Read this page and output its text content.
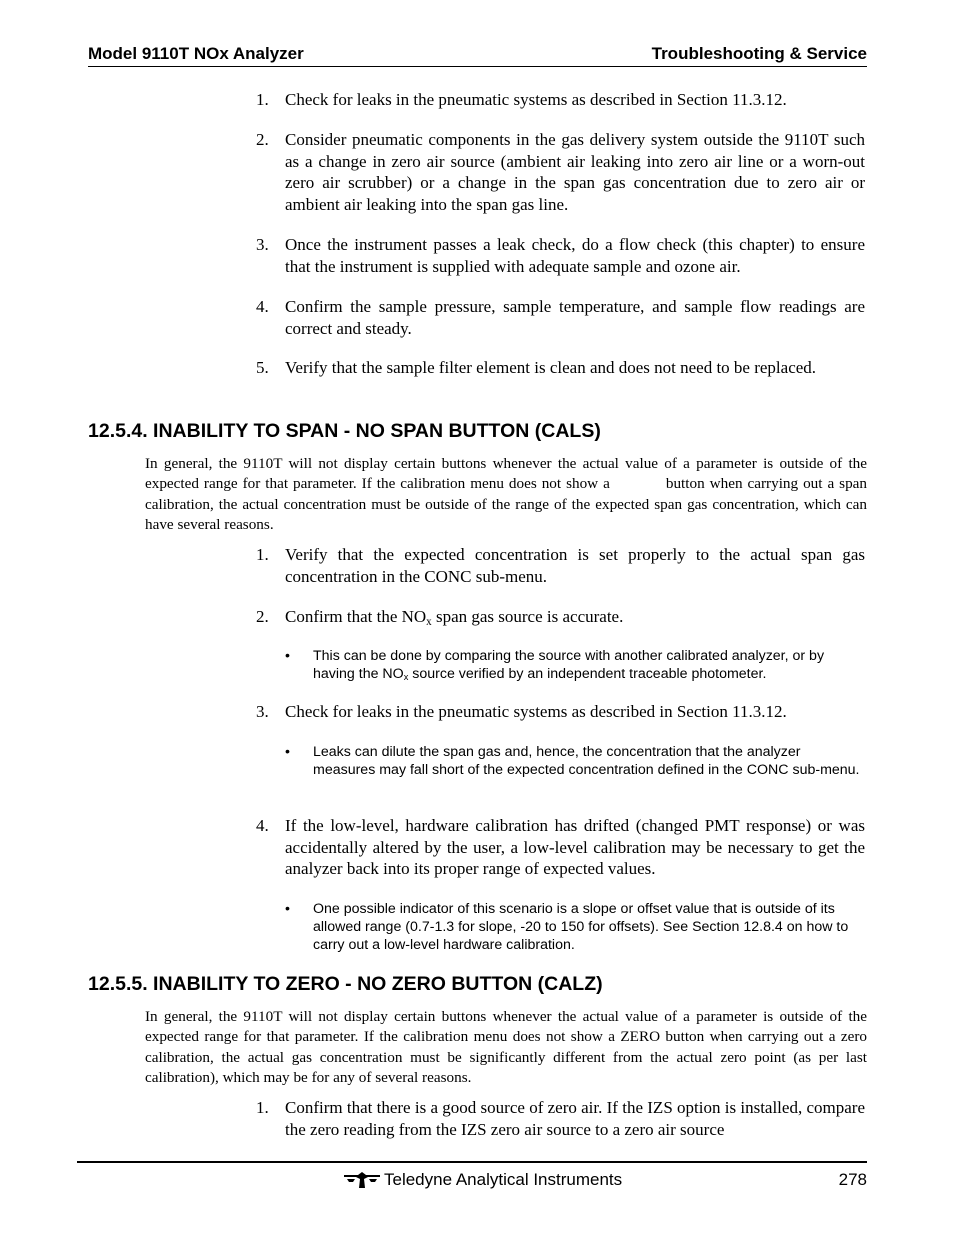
Model 9110T NOx Analyzer	Troubleshooting & Service
1. Check for leaks in the pneumatic systems as described in Section 11.3.12.
2. Consider pneumatic components in the gas delivery system outside the 9110T such as a change in zero air source (ambient air leaking into zero air line or a worn-out zero air scrubber) or a change in the span gas concentration due to zero air or ambient air leaking into the span gas line.
3. Once the instrument passes a leak check, do a flow check (this chapter) to ensure that the instrument is supplied with adequate sample and ozone air.
4. Confirm the sample pressure, sample temperature, and sample flow readings are correct and steady.
5. Verify that the sample filter element is clean and does not need to be replaced.
12.5.4. INABILITY TO SPAN - NO SPAN BUTTON (CALS)

In general, the 9110T will not display certain buttons whenever the actual value of a parameter is outside of the expected range for that parameter. If the calibration menu does not show a	button when carrying out a span calibration, the actual concentration must be outside of the range of the expected span gas concentration, which can have several reasons.

1. Verify that the expected concentration is set properly to the actual span gas concentration in the CONC sub-menu.
2. Confirm that the $NO_x$ span gas source is accurate.
• This can be done by comparing the source with another calibrated analyzer, or by having the $NO_x$ source verified by an independent traceable photometer.
3. Check for leaks in the pneumatic systems as described in Section 11.3.12.
• Leaks can dilute the span gas and, hence, the concentration that the analyzer measures may fall short of the expected concentration defined in the CONC sub-menu.
4. If the low-level, hardware calibration has drifted (changed PMT response) or was accidentally altered by the user, a low-level calibration may be necessary to get the analyzer back into its proper range of expected values.
• One possible indicator of this scenario is a slope or offset value that is outside of its allowed range (0.7-1.3 for slope, -20 to 150 for offsets). See Section 12.8.4 on how to carry out a low-level hardware calibration.
12.5.5. INABILITY TO ZERO - NO ZERO BUTTON (CALZ)

In general, the 9110T will not display certain buttons whenever the actual value of a parameter is outside of the expected range for that parameter. If the calibration menu does not show a ZERO button when carrying out a zero calibration, the actual gas concentration must be significantly different from the actual zero point (as per last calibration), which may be for any of several reasons.

1. Confirm that there is a good source of zero air. If the IZS option is installed, compare the zero reading from the IZS zero air source to a zero air source
Teledyne Analytical Instruments	278
